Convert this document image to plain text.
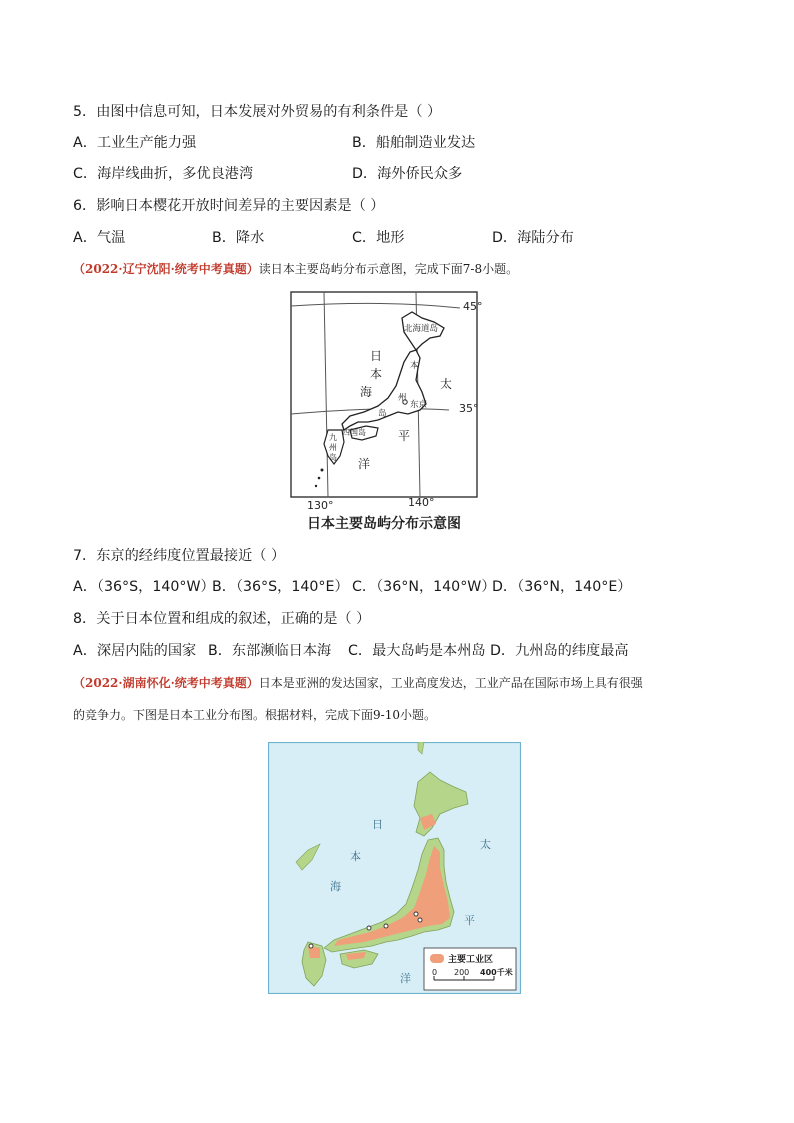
5．由图中信息可知，日本发展对外贸易的有利条件是（ ）
A．工业生产能力强	B．船舶制造业发达
C．海岸线曲折，多优良港湾	D．海外侨民众多
6．影响日本樱花开放时间差异的主要因素是（ ）
A．气温	B．降水	C．地形	D．海陆分布
（2022·辽宁沈阳·统考中考真题）读日本主要岛屿分布示意图，完成下面7-8小题。
45°
35°
130°	140°
日
本
海
太
平
洋
北海道岛
本
州
岛
东京
四国岛
九
州
岛
日本主要岛屿分布示意图
7．东京的经纬度位置最接近（ ）
A．（36°S，140°W）
B．（36°S，140°E） C．（36°N，140°W）
D．（36°N，140°E）
8．关于日本位置和组成的叙述，正确的是（ ）
A．深居内陆的国家 B．东部濒临日本海 C．最大岛屿是本州岛 D．九州岛的纬度最高
（2022·湖南怀化·统考中考真题）日本是亚洲的发达国家，工业高度发达，工业产品在国际市场上具有很强
的竞争力。下图是日本工业分布图。根据材料，完成下面9-10小题。
日
本
海
太
平
洋
主要工业区
0 200 400千米
